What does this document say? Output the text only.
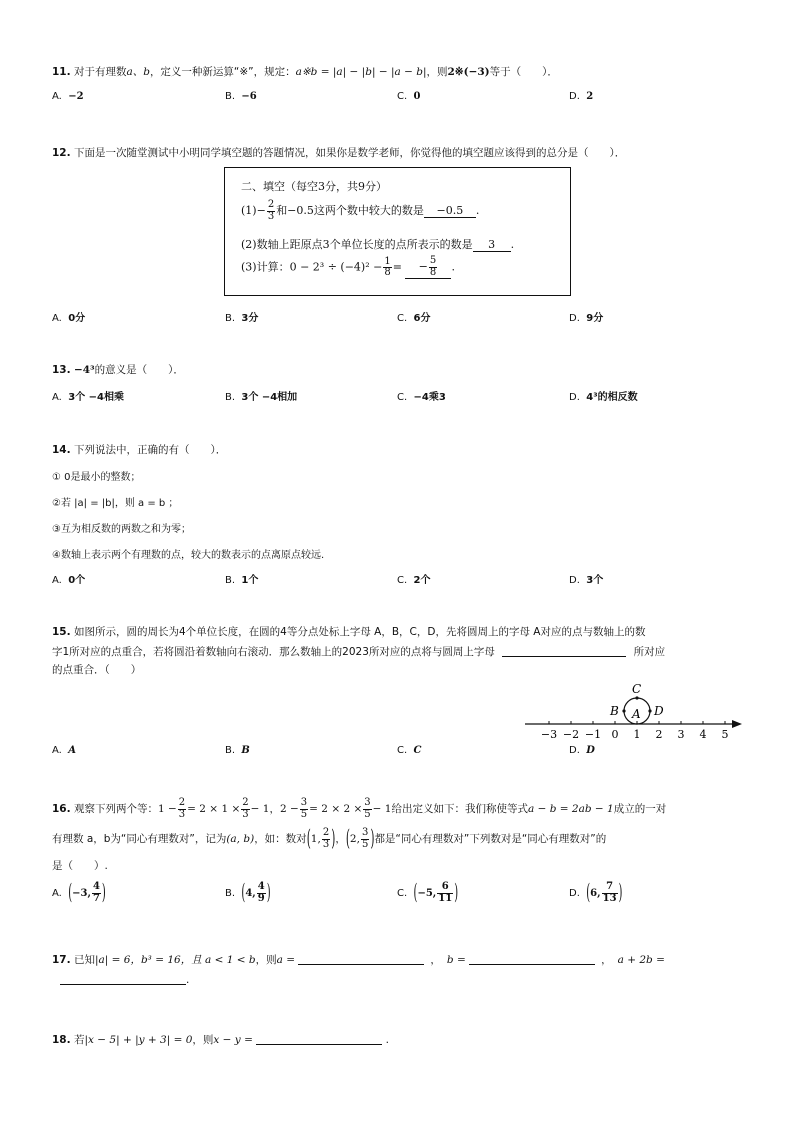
11. 对于有理数a、b，定义一种新运算“※”，规定：a※b = |a| − |b| − |a − b|，则2※(−3)等于（　　）．
A. −2	B. −6	C. 0	D. 2
12. 下面是一次随堂测试中小明同学填空题的答题情况，如果你是数学老师，你觉得他的填空题应该得到的总分是（　　）．
二、填空（每空3分，共9分）
$(1)- \frac{2}{3}$ 和−0.5这两个数中较大的数是 −0.5 .
(2)数轴上距原点3个单位长度的点所表示的数是 3 .
(3)计算：$0 - 2^3 \div (-4)^2 - \frac{1}{8}$ = − $\frac{5}{8}$ .
A. 0分	B. 3分	C. 6分	D. 9分
13. −4³的意义是（　　）．
A. 3个 −4相乘	B. 3个 −4相加	C. −4乘3	D. 4³的相反数
14. 下列说法中，正确的有（　　）．
① 0是最小的整数；
②若 |a| = |b|，则 a = b ；
③互为相反数的两数之和为零；
④数轴上表示两个有理数的点，较大的数表示的点离原点较远.
A. 0个	B. 1个	C. 2个	D. 3个
15. 如图所示，圆的周长为4个单位长度，在圆的4等分点处标上字母 A，B，C，D，先将圆周上的字母 A对应的点与数轴上的数
字1所对应的点重合，若将圆沿着数轴向右滚动．那么数轴上的2023所对应的点将与圆周上字母	所对应
的点重合．（　　）
−3 −2 −1 0 1 2 3 4 5
C
B A D
A. A	B. B	C. C	D. D
16. 观察下列两个等：$1 - \frac{2}{3} = 2 \times 1 \times \frac{2}{3} - 1$，$2 - \frac{3}{5} = 2 \times 2 \times \frac{3}{5} - 1$给出定义如下：我们称使等式a − b = 2ab − 1成立的一对
有理数 a，b为“同心有理数对”，记为(a, b)，如：数对(1, $\frac{2}{3}$ )，(2, $\frac{3}{5}$ )都是“同心有理数对”下列数对是“同心有理数对”的
是（　　）.
A. (−3, $\frac{4}{7}$ )	B. (4, $\frac{4}{9}$ )	C. (−5, $\frac{6}{11}$ )	D. (6, $\frac{7}{13}$ )
17. 已知|a| = 6，b³ = 16，且 a < 1 < b，则a =	， b =	， a + 2b =
.
18. 若|x − 5| + |y + 3| = 0，则x − y =	.
